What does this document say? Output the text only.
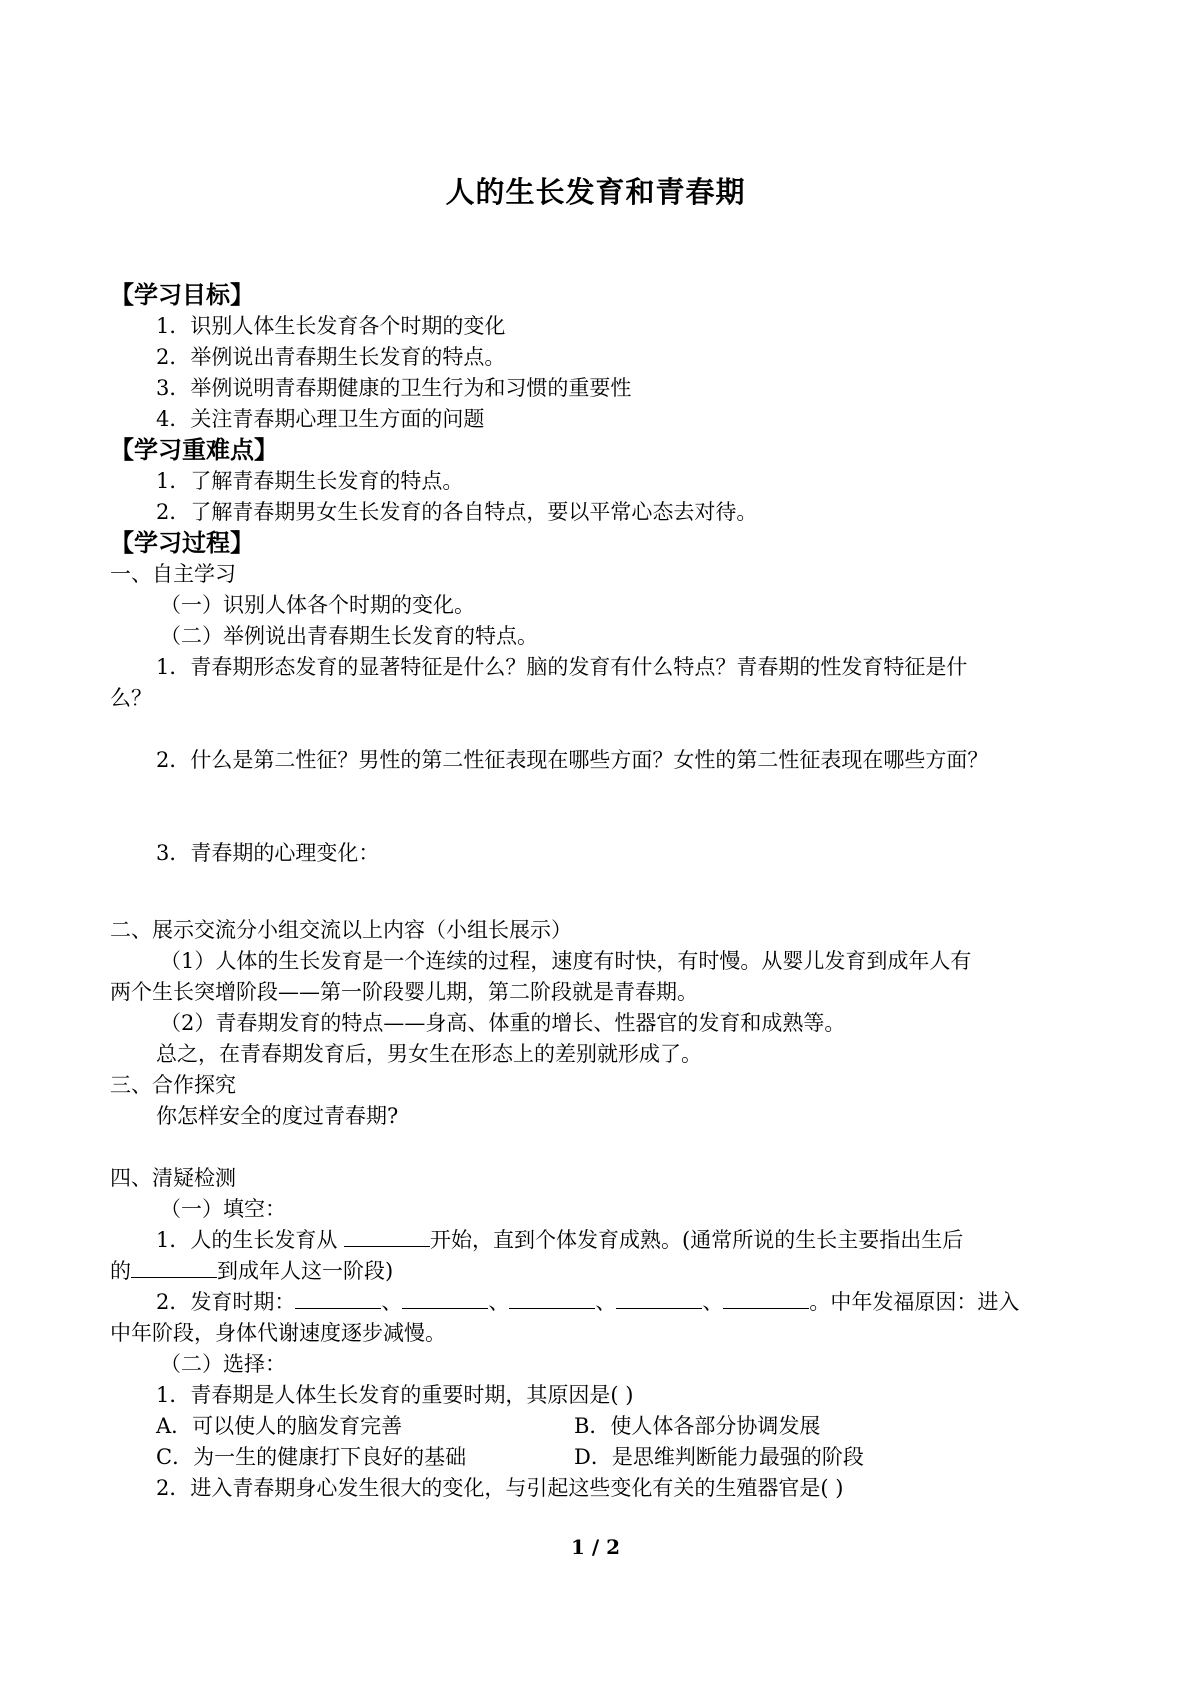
人的生长发育和青春期
【学习目标】
1．识别人体生长发育各个时期的变化
2．举例说出青春期生长发育的特点。
3．举例说明青春期健康的卫生行为和习惯的重要性
4．关注青春期心理卫生方面的问题
【学习重难点】
1．了解青春期生长发育的特点。
2．了解青春期男女生长发育的各自特点，要以平常心态去对待。
【学习过程】
一、自主学习
（一）识别人体各个时期的变化。
（二）举例说出青春期生长发育的特点。
1．青春期形态发育的显著特征是什么？脑的发育有什么特点？青春期的性发育特征是什
么？
2．什么是第二性征？男性的第二性征表现在哪些方面？女性的第二性征表现在哪些方面？
3．青春期的心理变化：
二、展示交流分小组交流以上内容（小组长展示）
（1）人体的生长发育是一个连续的过程，速度有时快，有时慢。从婴儿发育到成年人有
两个生长突增阶段——第一阶段婴儿期，第二阶段就是青春期。
（2）青春期发育的特点——身高、体重的增长、性器官的发育和成熟等。
总之，在青春期发育后，男女生在形态上的差别就形成了。
三、合作探究
你怎样安全的度过青春期?
四、清疑检测
（一）填空：
1．人的生长发育从	开始，直到个体发育成熟。(通常所说的生长主要指出生后
的	到成年人这一阶段)
2．发育时期：	、	、	、	、	。中年发福原因：进入
中年阶段，身体代谢速度逐步减慢。
（二）选择：
1．青春期是人体生长发育的重要时期，其原因是( )
A．可以使人的脑发育完善	B．使人体各部分协调发展
C．为一生的健康打下良好的基础	D．是思维判断能力最强的阶段
2．进入青春期身心发生很大的变化，与引起这些变化有关的生殖器官是( )
1 / 2
